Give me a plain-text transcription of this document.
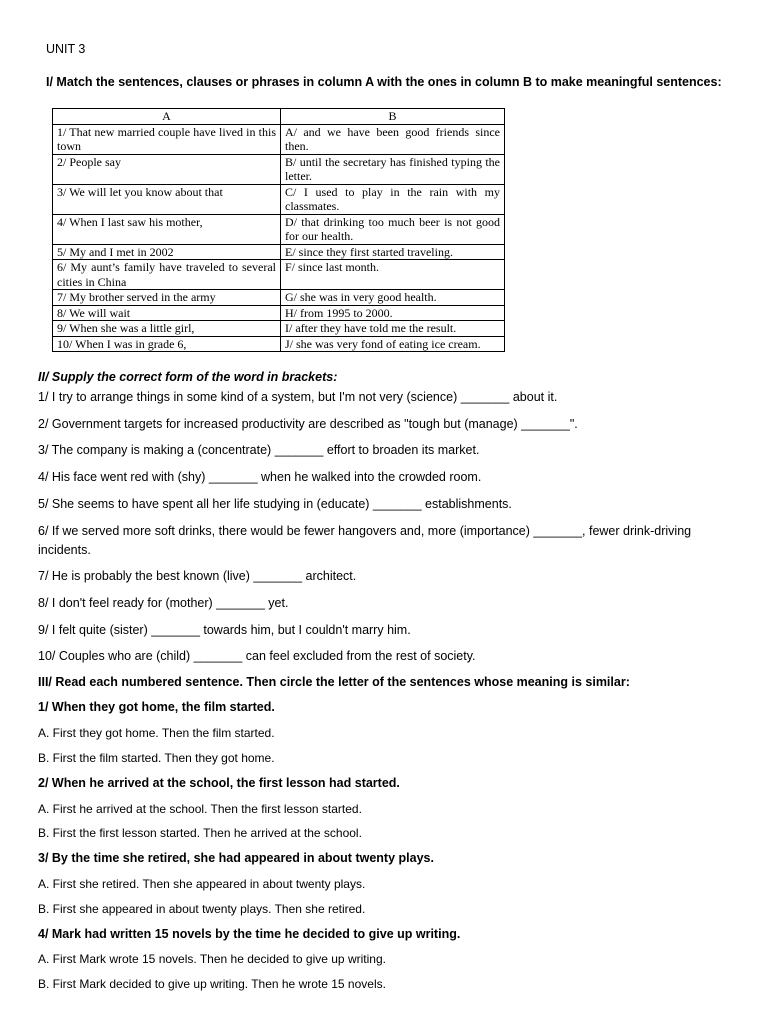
UNIT 3
I/ Match the sentences, clauses or phrases in column A with the ones in column B to make meaningful sentences:
A	B
1/ That new married couple have lived in this town	A/ and we have been good friends since then.
2/ People say	B/ until the secretary has finished typing the letter.
3/ We will let you know about that	C/ I used to play in the rain with my classmates.
4/ When I last saw his mother,	D/ that drinking too much beer is not good for our health.
5/ My and I met in 2002	E/ since they first started traveling.
6/ My aunt’s family have traveled to several cities in China	F/ since last month.
7/ My brother served in the army	G/ she was in very good health.
8/ We will wait	H/ from 1995 to 2000.
9/ When she was a little girl,	I/ after they have told me the result.
10/ When I was in grade 6,	J/ she was very fond of eating ice cream.
II/ Supply the correct form of the word in brackets:
1/ I try to arrange things in some kind of a system, but I'm not very (science) _______ about it.
2/ Government targets for increased productivity are described as "tough but (manage) _______".
3/ The company is making a (concentrate) _______ effort to broaden its market.
4/ His face went red with (shy) _______ when he walked into the crowded room.
5/ She seems to have spent all her life studying in (educate) _______ establishments.
6/ If we served more soft drinks, there would be fewer hangovers and, more (importance) _______, fewer drink-driving incidents.
7/ He is probably the best known (live) _______ architect.
8/ I don't feel ready for (mother) _______ yet.
9/ I felt quite (sister) _______ towards him, but I couldn't marry him.
10/ Couples who are (child) _______ can feel excluded from the rest of society.
III/ Read each numbered sentence. Then circle the letter of the sentences whose meaning is similar:
1/ When they got home, the film started.
A. First they got home. Then the film started.
B. First the film started. Then they got home.
2/ When he arrived at the school, the first lesson had started.
A. First he arrived at the school. Then the first lesson started.
B. First the first lesson started. Then he arrived at the school.
3/ By the time she retired, she had appeared in about twenty plays.
A. First she retired. Then she appeared in about twenty plays.
B. First she appeared in about twenty plays. Then she retired.
4/ Mark had written 15 novels by the time he decided to give up writing.
A. First Mark wrote 15 novels. Then he decided to give up writing.
B. First Mark decided to give up writing. Then he wrote 15 novels.
